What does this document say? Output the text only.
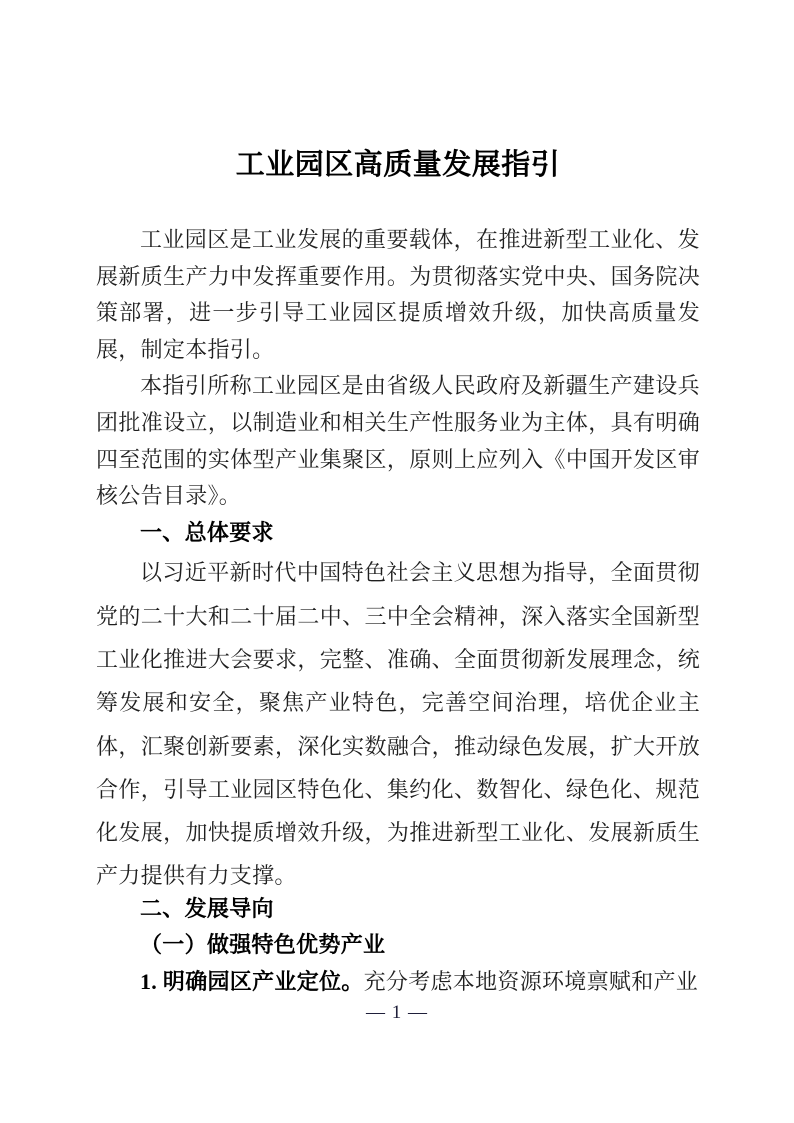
工业园区高质量发展指引

工业园区是工业发展的重要载体，在推进新型工业化、发展新质生产力中发挥重要作用。为贯彻落实党中央、国务院决策部署，进一步引导工业园区提质增效升级，加快高质量发展，制定本指引。

本指引所称工业园区是由省级人民政府及新疆生产建设兵团批准设立，以制造业和相关生产性服务业为主体，具有明确四至范围的实体型产业集聚区，原则上应列入《中国开发区审核公告目录》。

一、总体要求

以习近平新时代中国特色社会主义思想为指导，全面贯彻党的二十大和二十届二中、三中全会精神，深入落实全国新型工业化推进大会要求，完整、准确、全面贯彻新发展理念，统筹发展和安全，聚焦产业特色，完善空间治理，培优企业主体，汇聚创新要素，深化实数融合，推动绿色发展，扩大开放合作，引导工业园区特色化、集约化、数智化、绿色化、规范化发展，加快提质增效升级，为推进新型工业化、发展新质生产力提供有力支撑。

二、发展导向
（一）做强特色优势产业

1. 明确园区产业定位。充分考虑本地资源环境禀赋和产业

— 1 —
